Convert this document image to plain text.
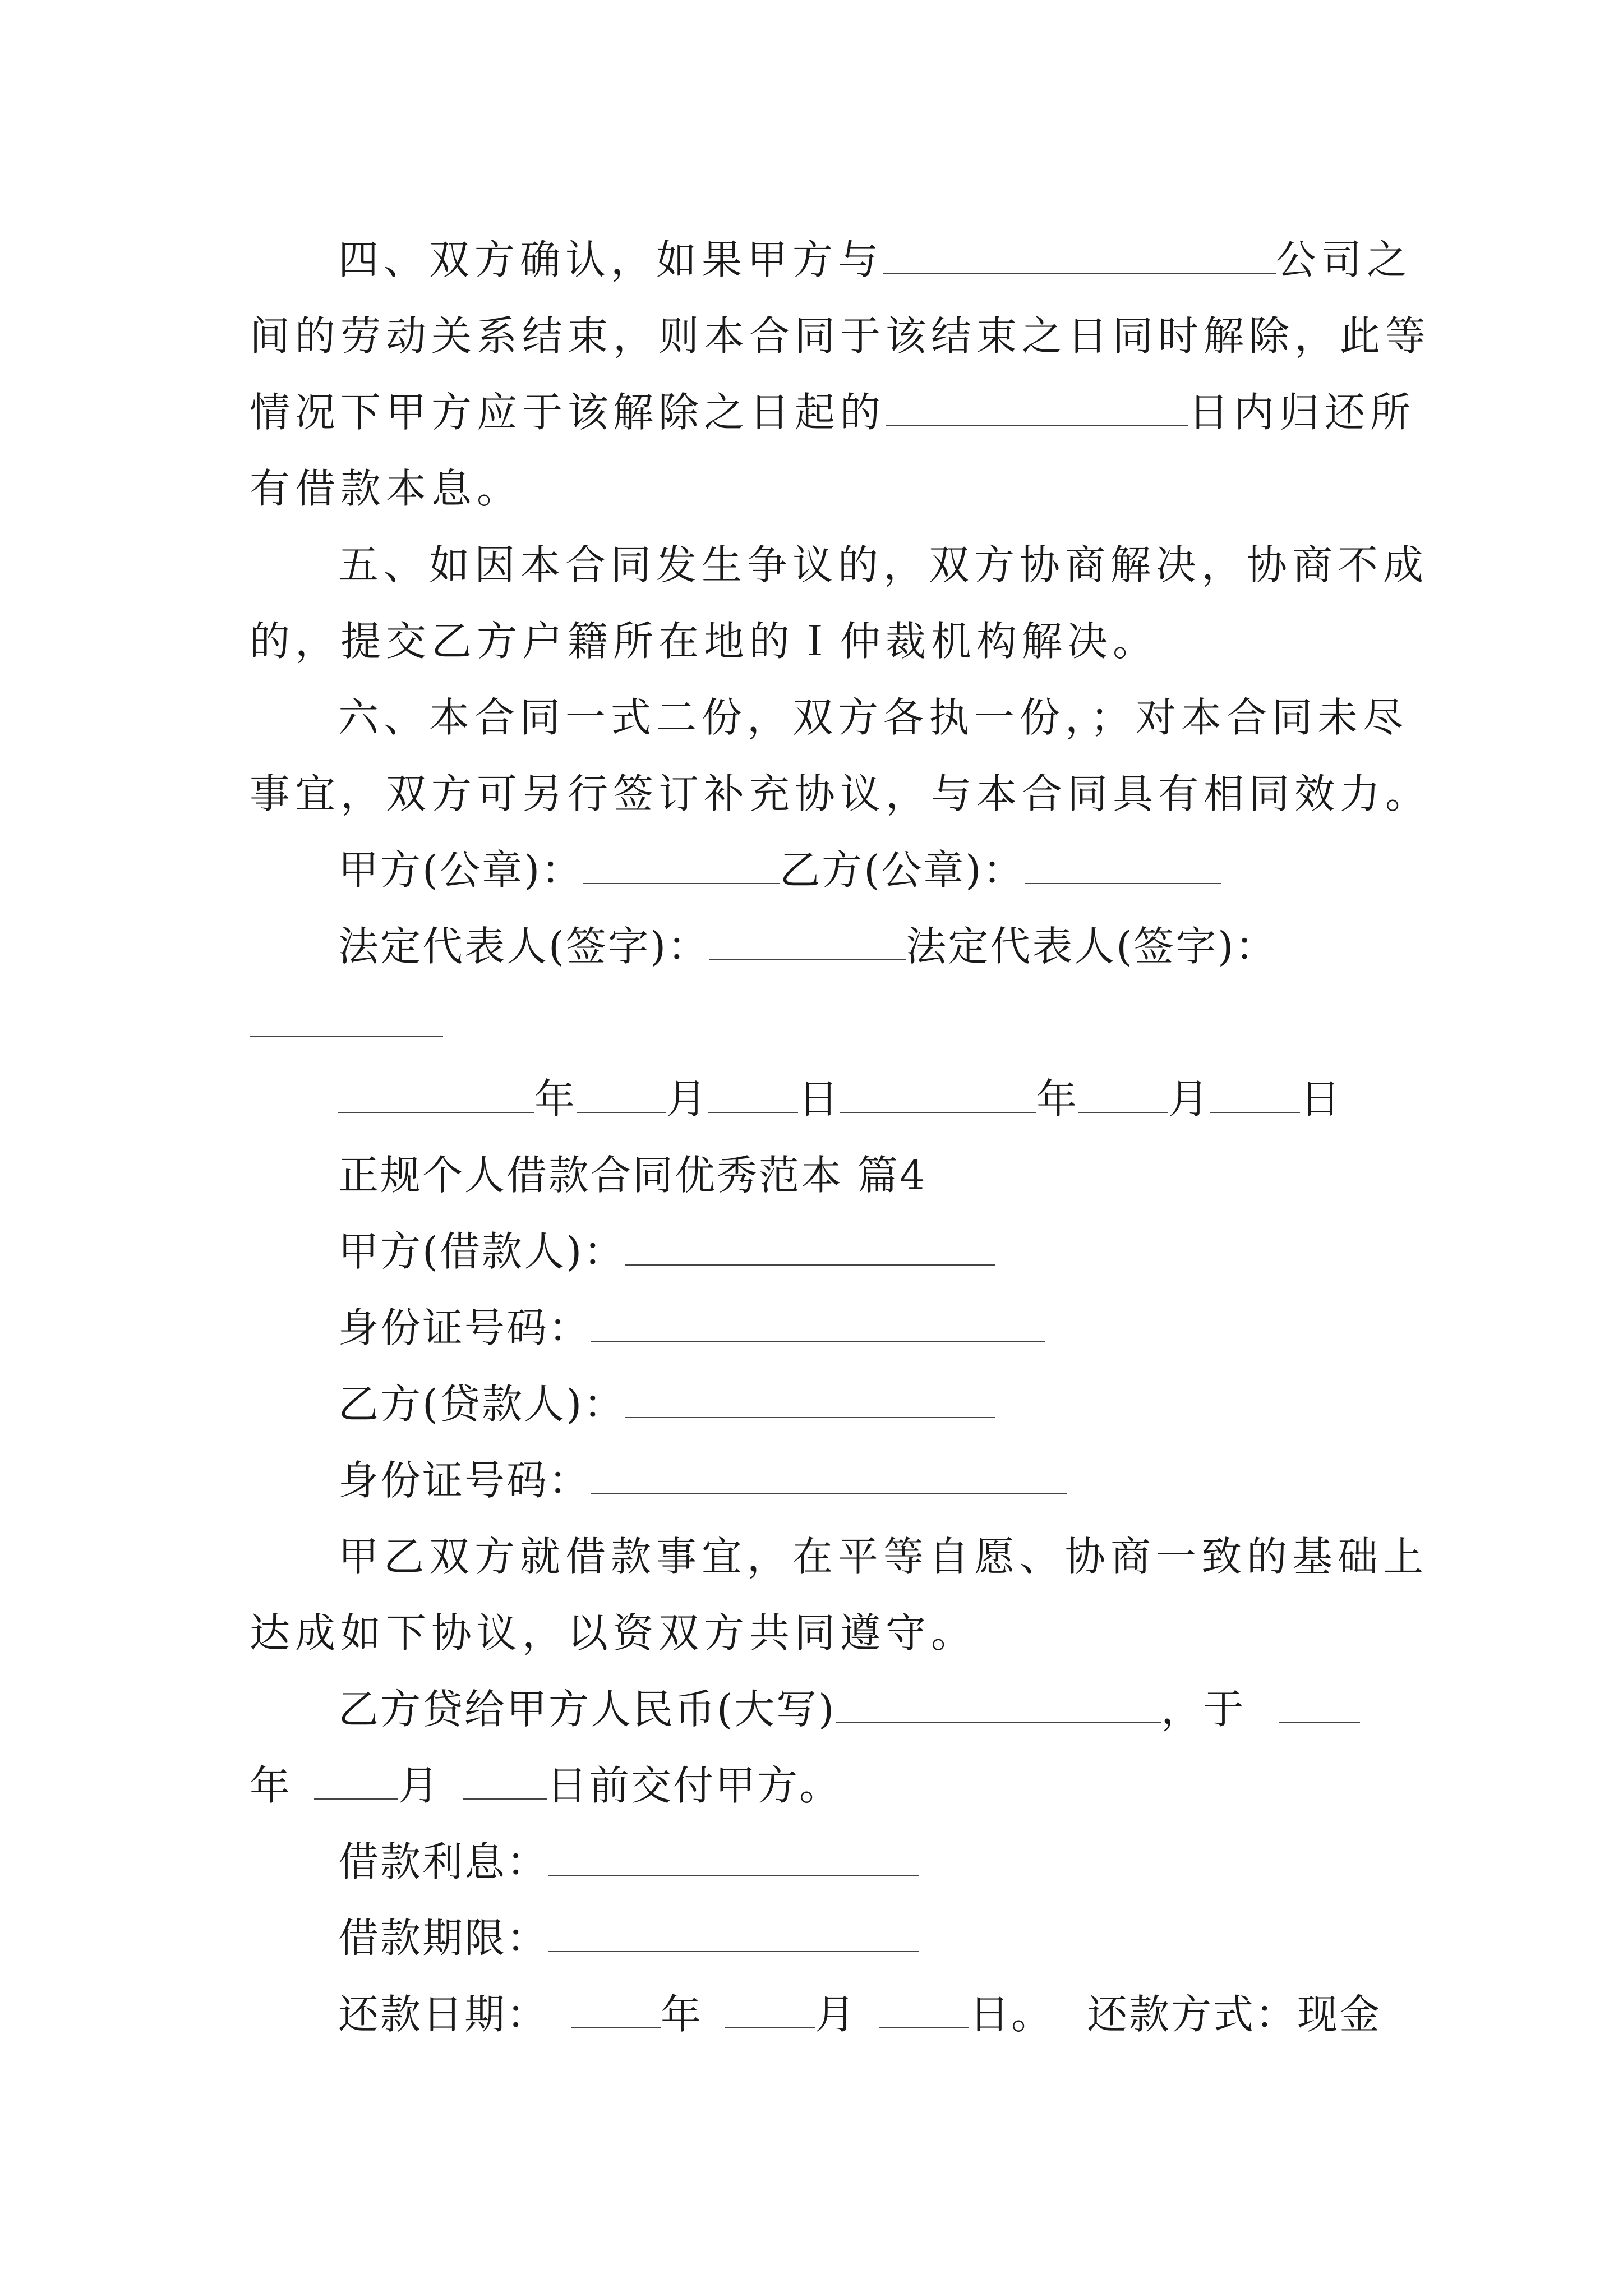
四、双方确认，如果甲方与	公司之

间的劳动关系结束，则本合同于该结束之日同时解除，此等

情况下甲方应于该解除之日起的	日内归还所

有借款本息。

五、如因本合同发生争议的，双方协商解决，协商不成

的，提交乙方户籍所在地的Ｉ仲裁机构解决。

六、本合同一式二份，双方各执一份，；对本合同未尽

事宜，双方可另行签订补充协议，与本合同具有相同效力。

甲方(公章)：	乙方(公章)：

法定代表人(签字)：	法定代表人(签字)：

年 月 日	年 月 日

正规个人借款合同优秀范本 篇4

甲方(借款人)：

身份证号码：

乙方(贷款人)：

身份证号码：

甲乙双方就借款事宜，在平等自愿、协商一致的基础上

达成如下协议，以资双方共同遵守。

乙方贷给甲方人民币(大写)	，于

年	月	日前交付甲方。

借款利息：

借款期限：

还款日期：	年	月	日。 还款方式：现金
